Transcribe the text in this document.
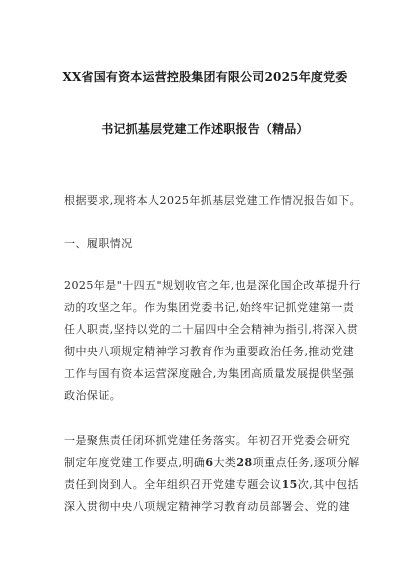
XX省国有资本运营控股集团有限公司2025年度党委
书记抓基层党建工作述职报告（精品）
根据要求,现将本人2025年抓基层党建工作情况报告如下。
一、履职情况
2025年是"十四五"规划收官之年,也是深化国企改革提升行
动的攻坚之年。作为集团党委书记,始终牢记抓党建第一责
任人职责,坚持以党的二十届四中全会精神为指引,将深入贯
彻中央八项规定精神学习教育作为重要政治任务,推动党建
工作与国有资本运营深度融合,为集团高质量发展提供坚强
政治保证。
一是聚焦责任闭环抓党建任务落实。年初召开党委会研究
制定年度党建工作要点,明确6大类28项重点任务,逐项分解
责任到岗到人。全年组织召开党建专题会议15次,其中包括
深入贯彻中央八项规定精神学习教育动员部署会、党的建
